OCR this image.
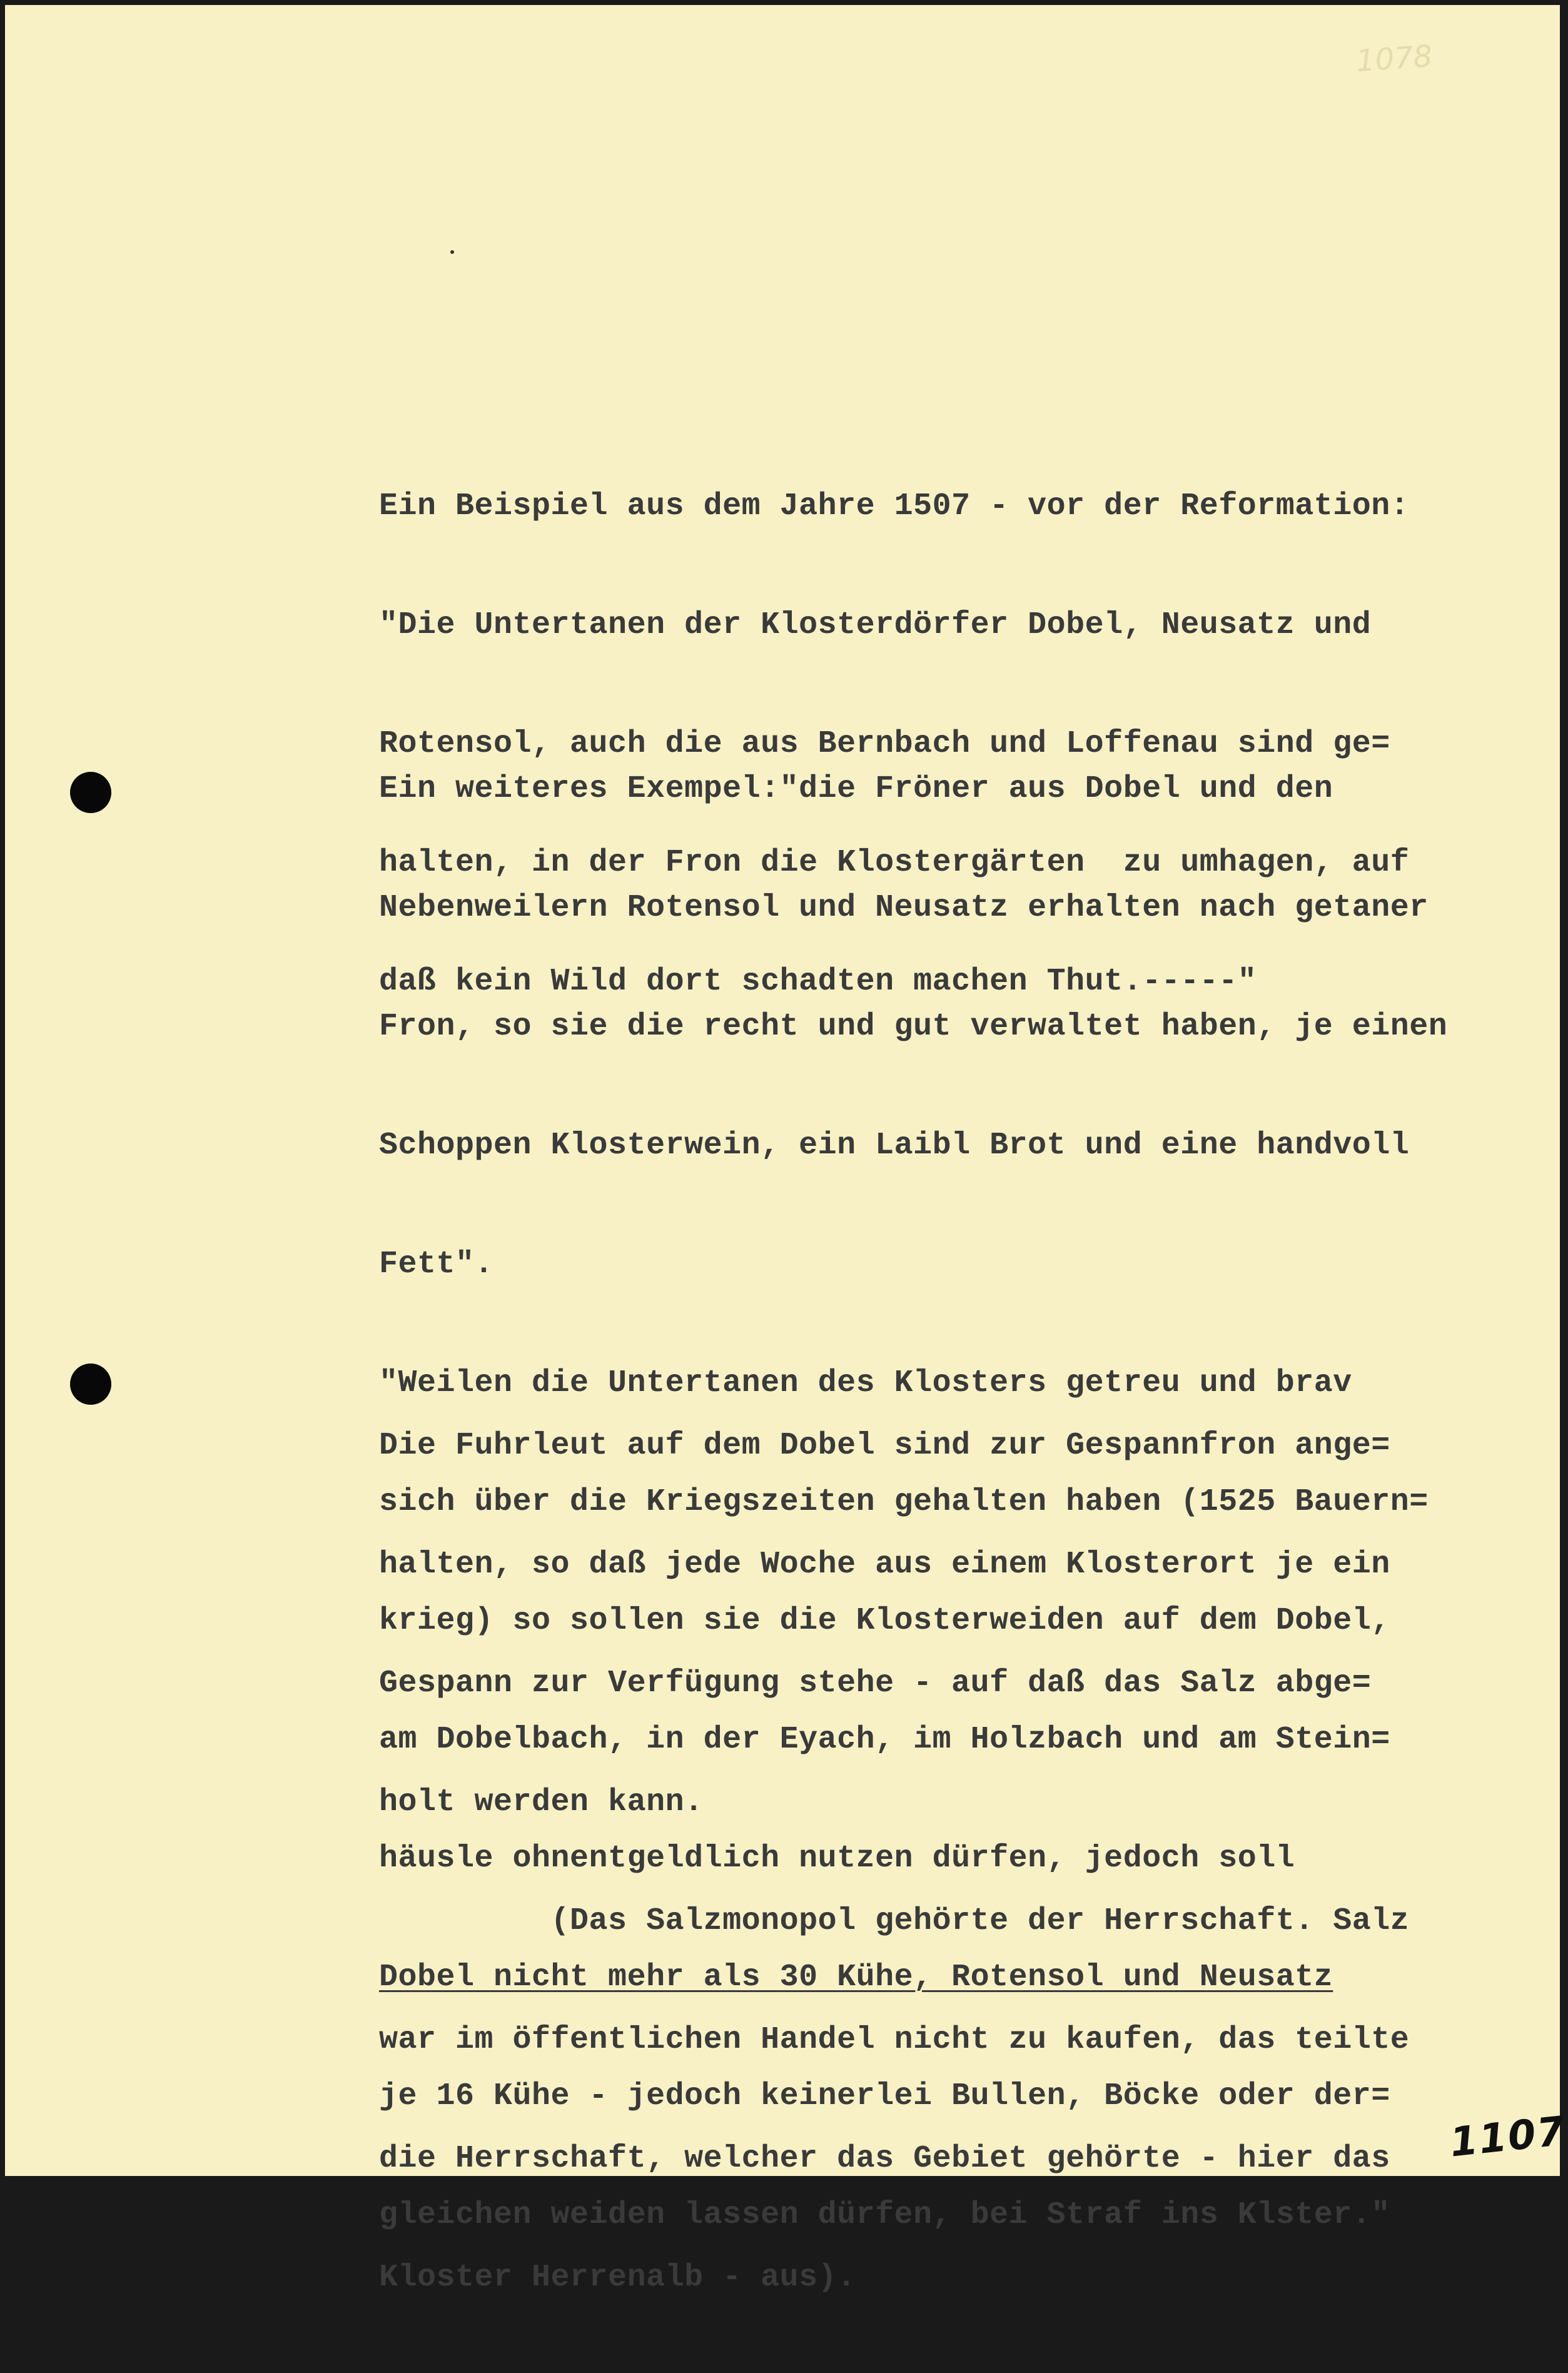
1078

Ein Beispiel aus dem Jahre 1507 - vor der Reformation:

"Die Untertanen der Klosterdörfer Dobel, Neusatz und

Rotensol, auch die aus Bernbach und Loffenau sind ge=

halten, in der Fron die Klostergärten  zu umhagen, auf

daß kein Wild dort schadten machen Thut.-----"

Ein weiteres Exempel:"die Fröner aus Dobel und den

Nebenweilern Rotensol und Neusatz erhalten nach getaner

Fron, so sie die recht und gut verwaltet haben, je einen

Schoppen Klosterwein, ein Laibl Brot und eine handvoll

Fett".

"Weilen die Untertanen des Klosters getreu und brav

sich über die Kriegszeiten gehalten haben (1525 Bauern=

krieg) so sollen sie die Klosterweiden auf dem Dobel,

am Dobelbach, in der Eyach, im Holzbach und am Stein=

häusle ohnentgeldlich nutzen dürfen, jedoch soll

Dobel nicht mehr als 30 Kühe, Rotensol und Neusatz

je 16 Kühe - jedoch keinerlei Bullen, Böcke oder der=

gleichen weiden lassen dürfen, bei Straf ins Klster."

Die Fuhrleut auf dem Dobel sind zur Gespannfron ange=

halten, so daß jede Woche aus einem Klosterort je ein

Gespann zur Verfügung stehe - auf daß das Salz abge=

holt werden kann.

(Das Salzmonopol gehörte der Herrschaft. Salz

war im öffentlichen Handel nicht zu kaufen, das teilte

die Herrschaft, welcher das Gebiet gehörte - hier das

Kloster Herrenalb - aus).

1107
